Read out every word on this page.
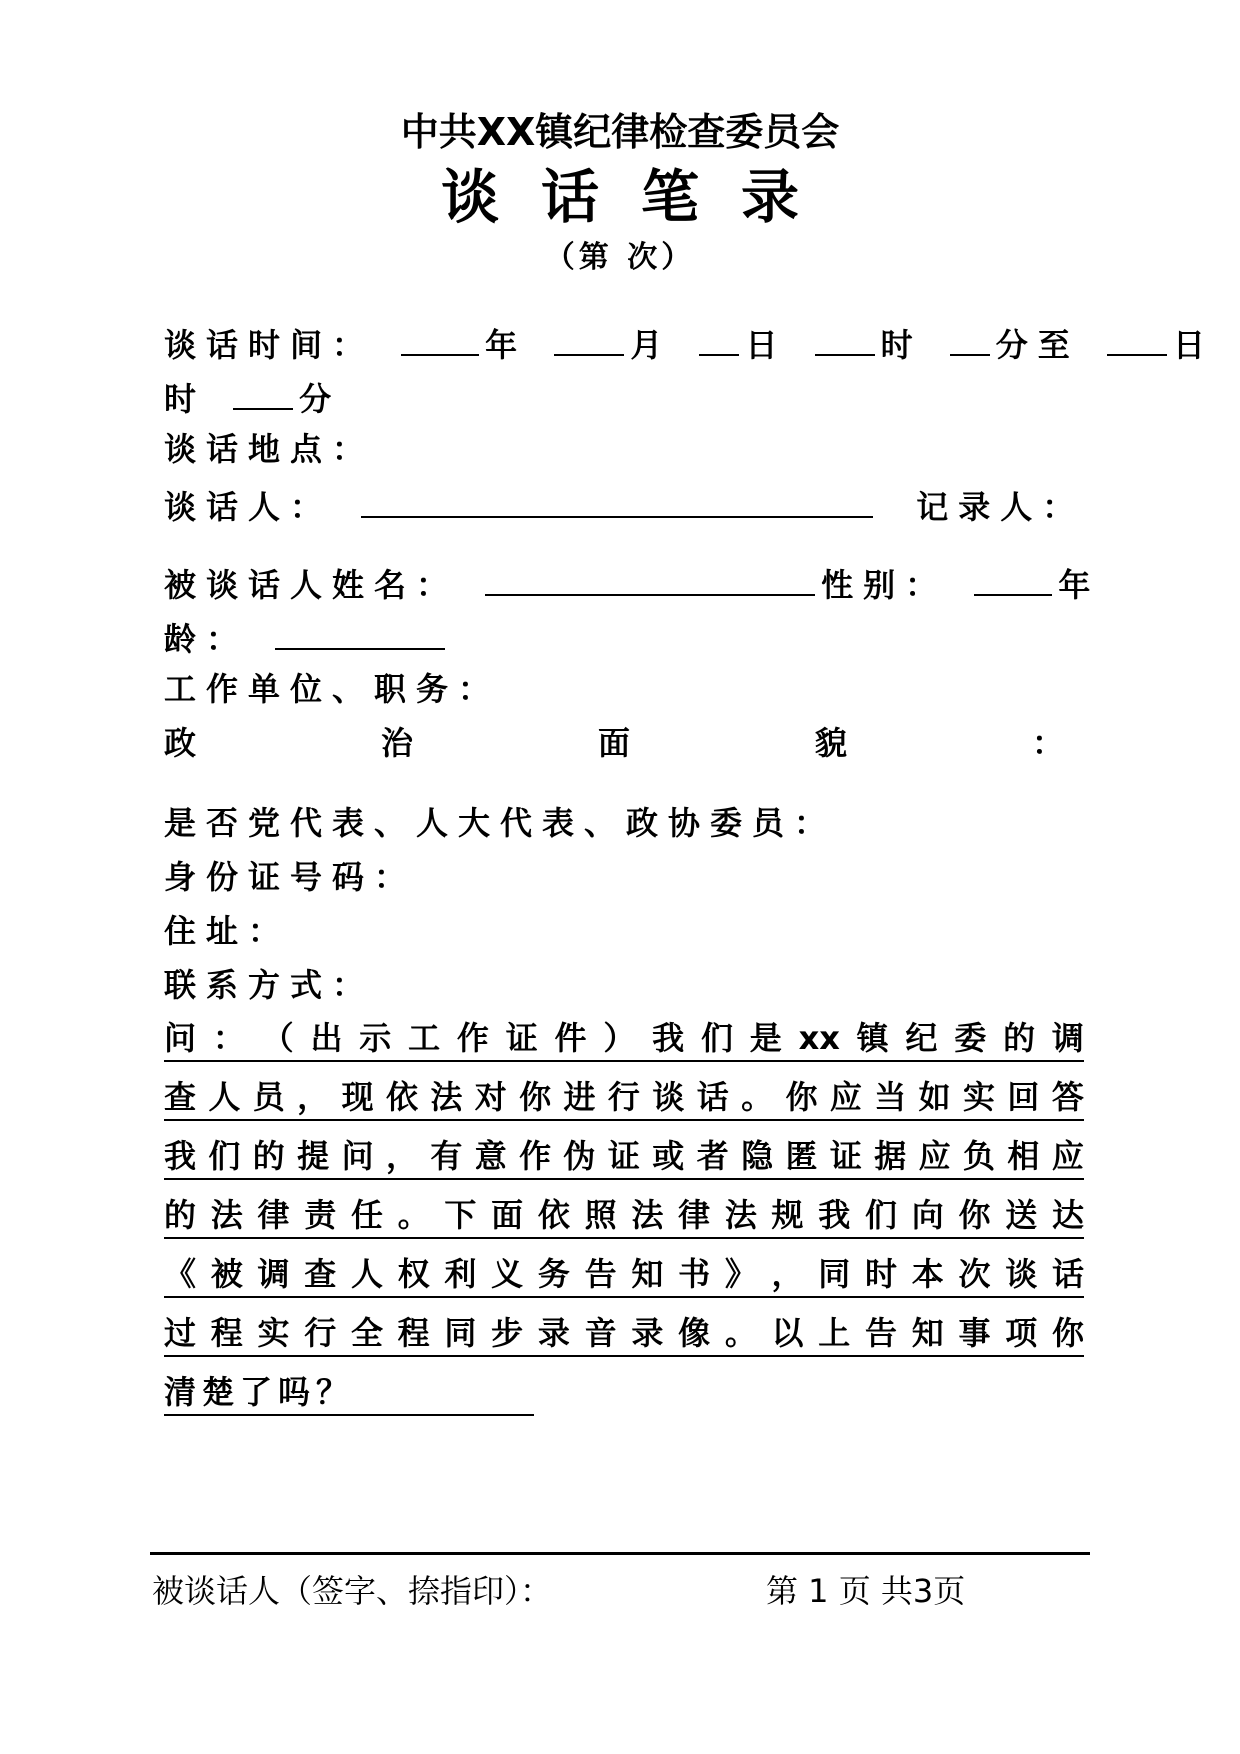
中共XX镇纪律检查委员会
谈话笔录
（第 次）
谈话时间：	年	月 日	时 分至	日
时	分
谈话地点：
谈话人：	记录人：
被谈话人姓名：	性别：	年
龄：
工作单位、职务：
政	治	面	貌	：
是否党代表、人大代表、政协委员：
身份证号码：
住址：
联系方式：
问 ： （ 出 示 工 作 证 件 ） 我 们 是 xx 镇 纪 委 的 调
查 人 员 ， 现 依 法 对 你 进 行 谈 话 。 你 应 当 如 实 回 答
我 们 的 提 问 ， 有 意 作 伪 证 或 者 隐 匿 证 据 应 负 相 应
的 法 律 责 任 。 下 面 依 照 法 律 法 规 我 们 向 你 送 达
《 被 调 查 人 权 利 义 务 告 知 书 》 ， 同 时 本 次 谈 话
过 程 实 行 全 程 同 步 录 音 录 像 。 以 上 告 知 事 项 你
清楚了吗？
被谈话人（签字、捺指印）：	第 1 页 共3页
